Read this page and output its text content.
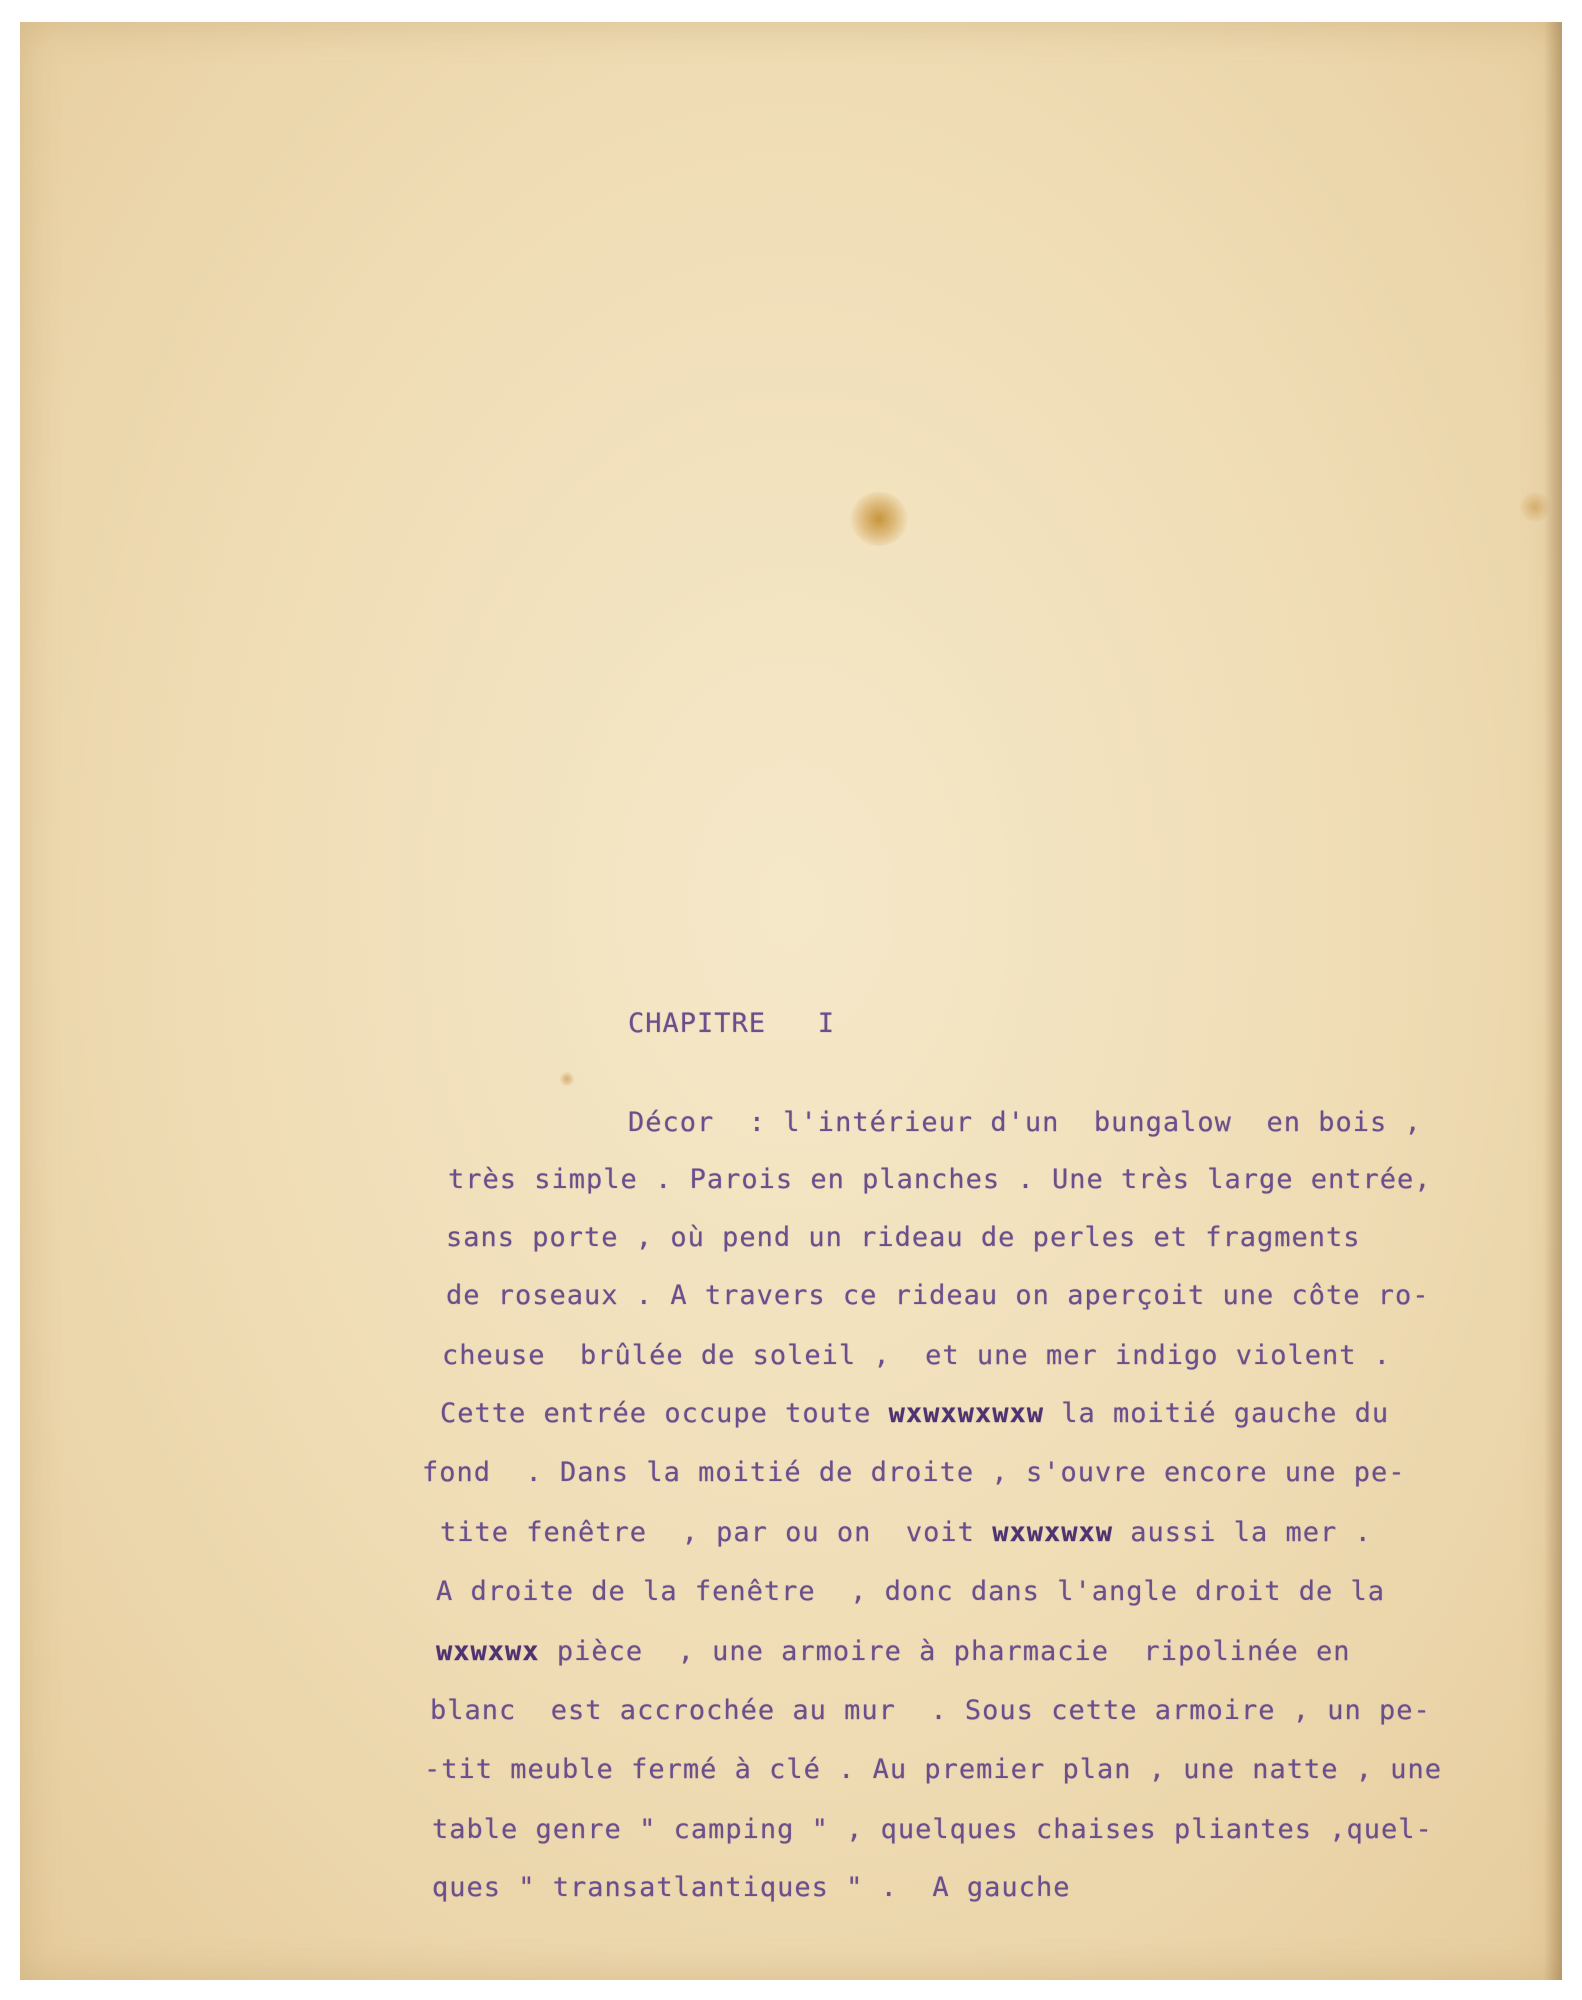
CHAPITRE   I

Décor  : l'intérieur d'un  bungalow  en bois ,

très simple . Parois en planches . Une très large entrée,

sans porte , où pend un rideau de perles et fragments

de roseaux . A travers ce rideau on aperçoit une côte ro-

cheuse  brûlée de soleil ,  et une mer indigo violent .

Cette entrée occupe toute wxwxwxwxw la moitié gauche du

fond  . Dans la moitié de droite , s'ouvre encore une pe-

tite fenêtre  , par ou on  voit wxwxwxw aussi la mer .

A droite de la fenêtre  , donc dans l'angle droit de la

wxwxwx pièce  , une armoire à pharmacie  ripolinée en

blanc  est accrochée au mur  . Sous cette armoire , un pe-

-tit meuble fermé à clé . Au premier plan , une natte , une

table genre " camping " , quelques chaises pliantes ,quel-

ques " transatlantiques " .  A gauche
